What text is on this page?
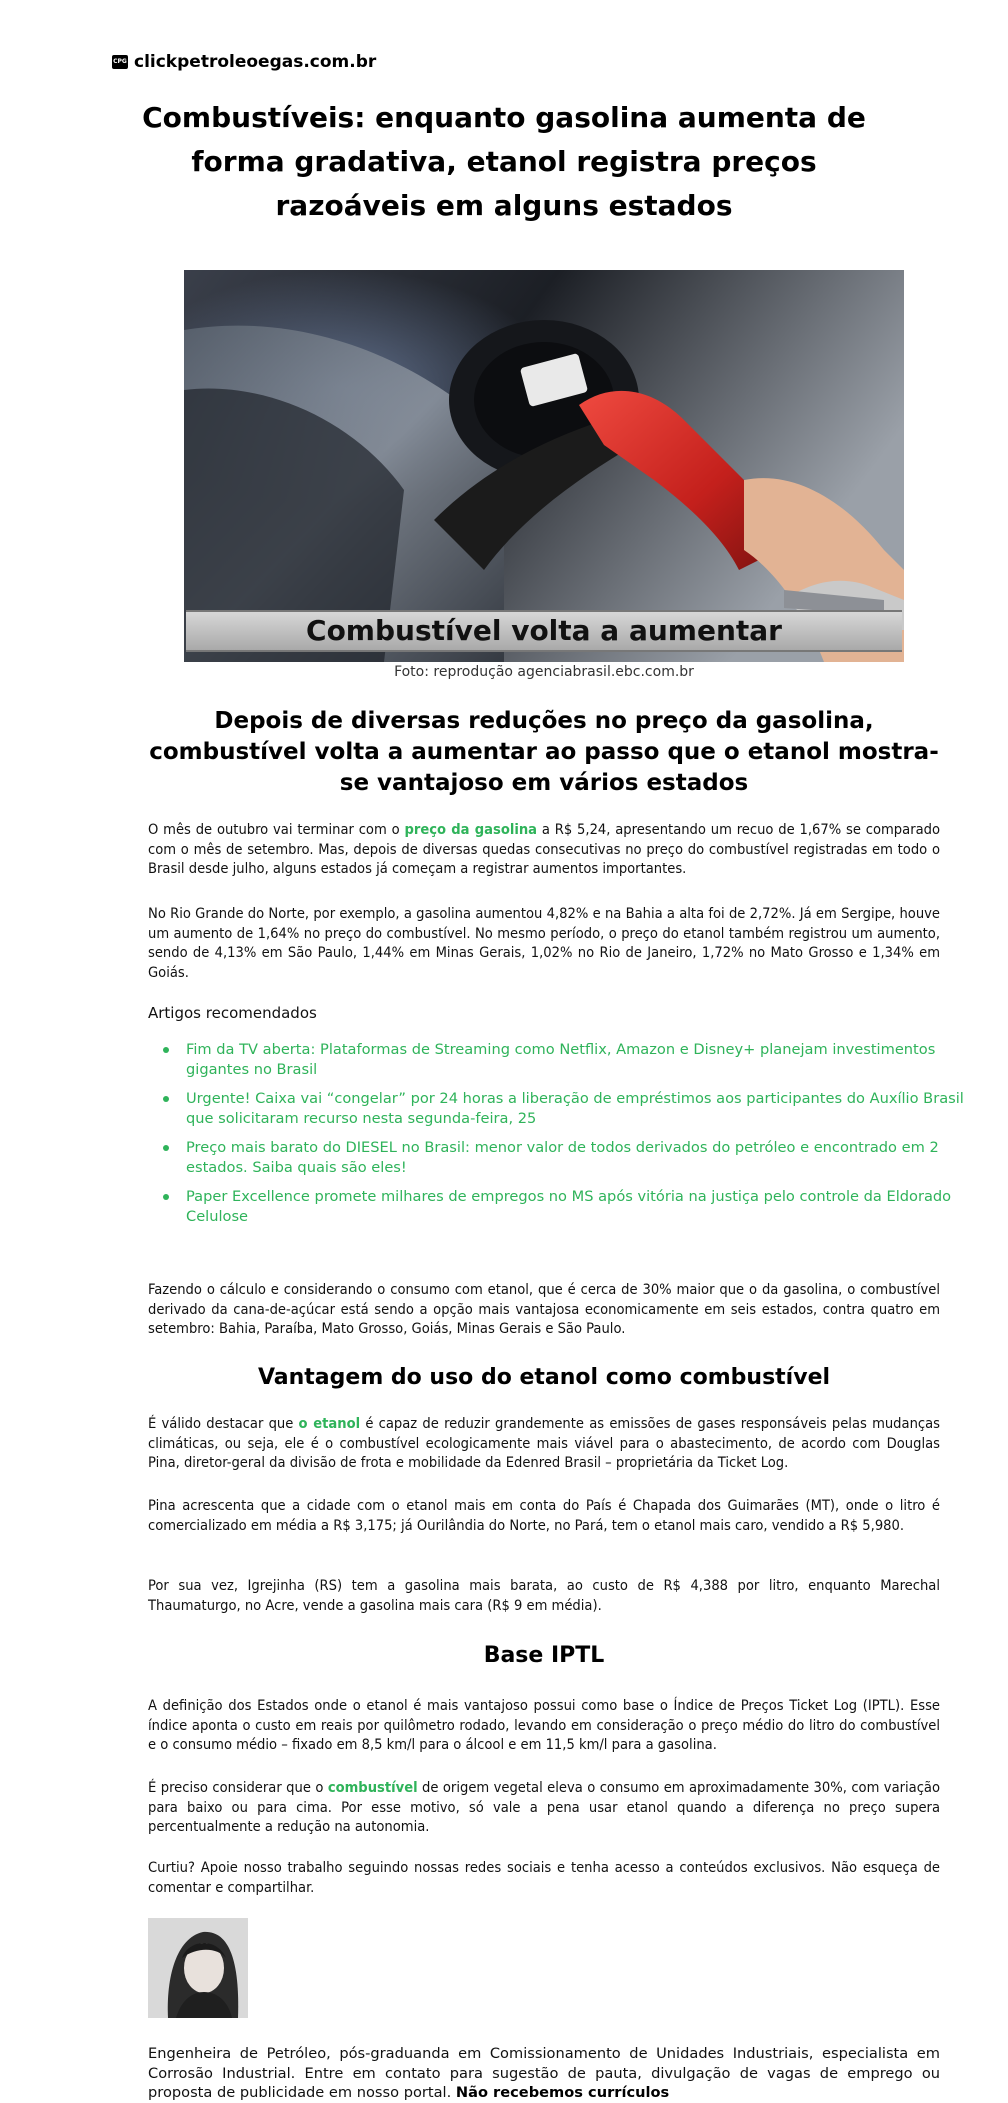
CPG clickpetroleoegas.com.br
Combustíveis: enquanto gasolina aumenta de forma gradativa, etanol registra preços razoáveis em alguns estados
Combustível volta a aumentar

Foto: reprodução agenciabrasil.ebc.com.br

Depois de diversas reduções no preço da gasolina, combustível volta a aumentar ao passo que o etanol mostra-se vantajoso em vários estados

O mês de outubro vai terminar com o preço da gasolina a R$ 5,24, apresentando um recuo de 1,67% se comparado com o mês de setembro. Mas, depois de diversas quedas consecutivas no preço do combustível registradas em todo o Brasil desde julho, alguns estados já começam a registrar aumentos importantes.

No Rio Grande do Norte, por exemplo, a gasolina aumentou 4,82% e na Bahia a alta foi de 2,72%. Já em Sergipe, houve um aumento de 1,64% no preço do combustível. No mesmo período, o preço do etanol também registrou um aumento, sendo de 4,13% em São Paulo, 1,44% em Minas Gerais, 1,02% no Rio de Janeiro, 1,72% no Mato Grosso e 1,34% em Goiás.

Artigos recomendados

Fim da TV aberta: Plataformas de Streaming como Netflix, Amazon e Disney+ planejam investimentos gigantes no Brasil
Urgente! Caixa vai “congelar” por 24 horas a liberação de empréstimos aos participantes do Auxílio Brasil que solicitaram recurso nesta segunda-feira, 25
Preço mais barato do DIESEL no Brasil: menor valor de todos derivados do petróleo e encontrado em 2 estados. Saiba quais são eles!
Paper Excellence promete milhares de empregos no MS após vitória na justiça pelo controle da Eldorado Celulose

Fazendo o cálculo e considerando o consumo com etanol, que é cerca de 30% maior que o da gasolina, o combustível derivado da cana-de-açúcar está sendo a opção mais vantajosa economicamente em seis estados, contra quatro em setembro: Bahia, Paraíba, Mato Grosso, Goiás, Minas Gerais e São Paulo.

Vantagem do uso do etanol como combustível

É válido destacar que o etanol é capaz de reduzir grandemente as emissões de gases responsáveis pelas mudanças climáticas, ou seja, ele é o combustível ecologicamente mais viável para o abastecimento, de acordo com Douglas Pina, diretor-geral da divisão de frota e mobilidade da Edenred Brasil – proprietária da Ticket Log.

Pina acrescenta que a cidade com o etanol mais em conta do País é Chapada dos Guimarães (MT), onde o litro é comercializado em média a R$ 3,175; já Ourilândia do Norte, no Pará, tem o etanol mais caro, vendido a R$ 5,980.

Por sua vez, Igrejinha (RS) tem a gasolina mais barata, ao custo de R$ 4,388 por litro, enquanto Marechal Thaumaturgo, no Acre, vende a gasolina mais cara (R$ 9 em média).

Base IPTL

A definição dos Estados onde o etanol é mais vantajoso possui como base o Índice de Preços Ticket Log (IPTL). Esse índice aponta o custo em reais por quilômetro rodado, levando em consideração o preço médio do litro do combustível e o consumo médio – fixado em 8,5 km/l para o álcool e em 11,5 km/l para a gasolina.

É preciso considerar que o combustível de origem vegetal eleva o consumo em aproximadamente 30%, com variação para baixo ou para cima. Por esse motivo, só vale a pena usar etanol quando a diferença no preço supera percentualmente a redução na autonomia.

Curtiu? Apoie nosso trabalho seguindo nossas redes sociais e tenha acesso a conteúdos exclusivos. Não esqueça de comentar e compartilhar.

Engenheira de Petróleo, pós-graduanda em Comissionamento de Unidades Industriais, especialista em Corrosão Industrial. Entre em contato para sugestão de pauta, divulgação de vagas de emprego ou proposta de publicidade em nosso portal. Não recebemos currículos
